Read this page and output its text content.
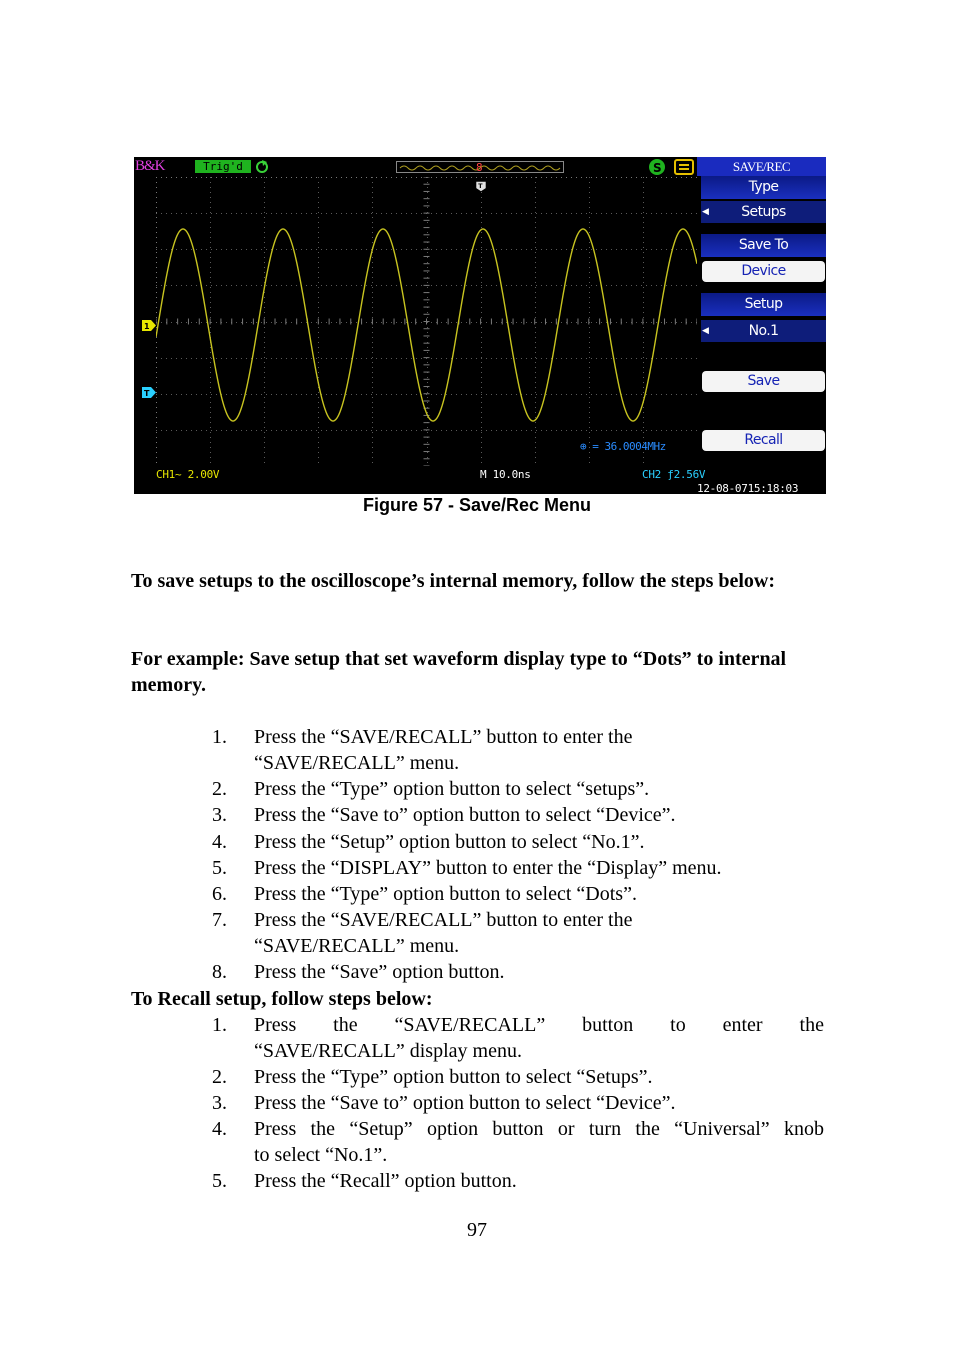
B&K	Trig'd	8	S
T
1
T
⊕ = 36.0004MHz
CH1~ 2.00V	M 10.0ns	CH2 ƒ2.56V
12-08-0715:18:03
SAVE/REC
Type
◀ Setups
Save To
Device
Setup
◀	No.1
Save
Recall
Figure 57 - Save/Rec Menu
To save setups to the oscilloscope’s internal memory, follow the steps below:
For example: Save setup that set waveform display type to “Dots” to internal memory.
1. Press the “SAVE/RECALL” button to enter the
“SAVE/RECALL” menu.
2. Press the “Type” option button to select “setups”.
3. Press the “Save to” option button to select “Device”.
4. Press the “Setup” option button to select “No.1”.
5. Press the “DISPLAY” button to enter the “Display” menu.
6. Press the “Type” option button to select “Dots”.
7. Press the “SAVE/RECALL” button to enter the
“SAVE/RECALL” menu.
8. Press the “Save” option button.
To Recall setup, follow steps below:
1. Press the “SAVE/RECALL” button to enter the
“SAVE/RECALL” display menu.
2. Press the “Type” option button to select “Setups”.
3. Press the “Save to” option button to select “Device”.
4. Press the “Setup” option button or turn the “Universal” knob
to select “No.1”.
5. Press the “Recall” option button.
97
